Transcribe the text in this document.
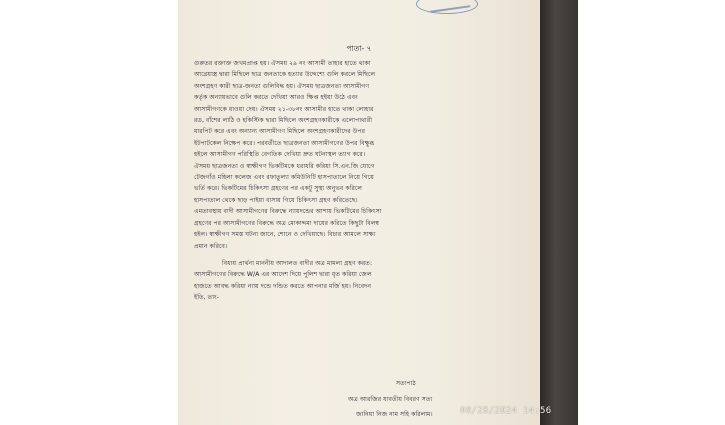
পাতা- ৭
গুরুতর রক্তাক্ত জখমপ্রাপ্ত হয়। ঐসময় ২৯ নং আসামী তাহার হাতে থাকা
আগ্নেয়াস্ত্র দ্বারা মিছিলে ছাত্র জনতাকে হত্যার উদ্দেশ্যে গুলি করলে মিছিলে
অংশগ্রহণ কারী ছাত্র-জনতা গুলিবিদ্ধ হয়। ঐসময় ছাত্রজনতা আসামীগণ
কর্তৃক অন্যায়ভাবে গুলি করতে দেখিয়া আরও ক্ষিপ্ত হইয়া উঠে এবং
আসামীগণকে ধাওয়া দেয়। ঐসময় ২১-৩৮নং আসামীর হাতে থাকা লোহার
রড, বাঁশের লাঠি ও হকিস্টিক দ্বারা মিছিলে অংশগ্রহণকারীকে এলোপাথারী
মারপিট করে এবং অন্যান্য আসামীগণ মিছিলে অংশগ্রহণকারীদের উপর
ইটপাটকেল নিক্ষেপ করে। পরবর্তীতে ছাত্রজনতা আসামীগণের উপর বিক্ষুব্ধ
হইলে আসামীগণ পরিস্থিতি বেগতিক দেখিয়া দ্রুত ঘটনাস্থল ত্যাগ করে।
ঐসময় ছাত্রজনতা ও স্বাক্ষীগণ ভিকটিমকে ধরাধরি করিয়া সি.এন.জি যোগে
টেজগাঁও মহিলা কলেজ এবং রফাতুল্যা কমিউনিটি হাসপাতালে নিয়ে গিয়ে
ভর্তি করে। ভিকটিমের চিকিৎসা গ্রহণের পর একটু সুস্থ্য অনুভব করিলে
হাসপাতাল থেকে ছাড় পাইয়া বাসায় গিয়ে চিকিৎসা গ্রহণ করিতেছে।
এমতাবস্থায় বাদী আসামীগণের বিরুদ্ধে ন্যায়দন্ডের আশায় ভিকটিমের চিকিৎসা
গ্রহণের পর আসামীগণের বিরুদ্ধে অত্র মোকাদ্দমা দায়ের করিতে কিছুটা বিলম্ব
হইল। স্বাক্ষীগণ সমস্ত ঘটনা জানে, শোনে ও দেখিয়াছে। বিচার আমলে সাক্ষ্য
প্রমান করিবে।
বিধায় প্রার্থনা মাননীয় আদালত বাদীর অত্র মামলা গ্রহণ করত:
আসামীগণের বিরুদ্ধে W/A এর আদেশ দিয়ে পুলিশ দ্বারা ধৃত করিয়া জেল
হাজতে আবদ্ধ করিয়া ন্যায় দন্ডে দন্ডিত করতে আপনার মর্জি হয়। নিবেদন
ইতি, তাং-
সত্যপাঠ
অত্র আরজির যাবতীয় বিবরণ সত্য
জানিয়া নিজ নাম সহি করিলাম।	08/28/2024 14:56
